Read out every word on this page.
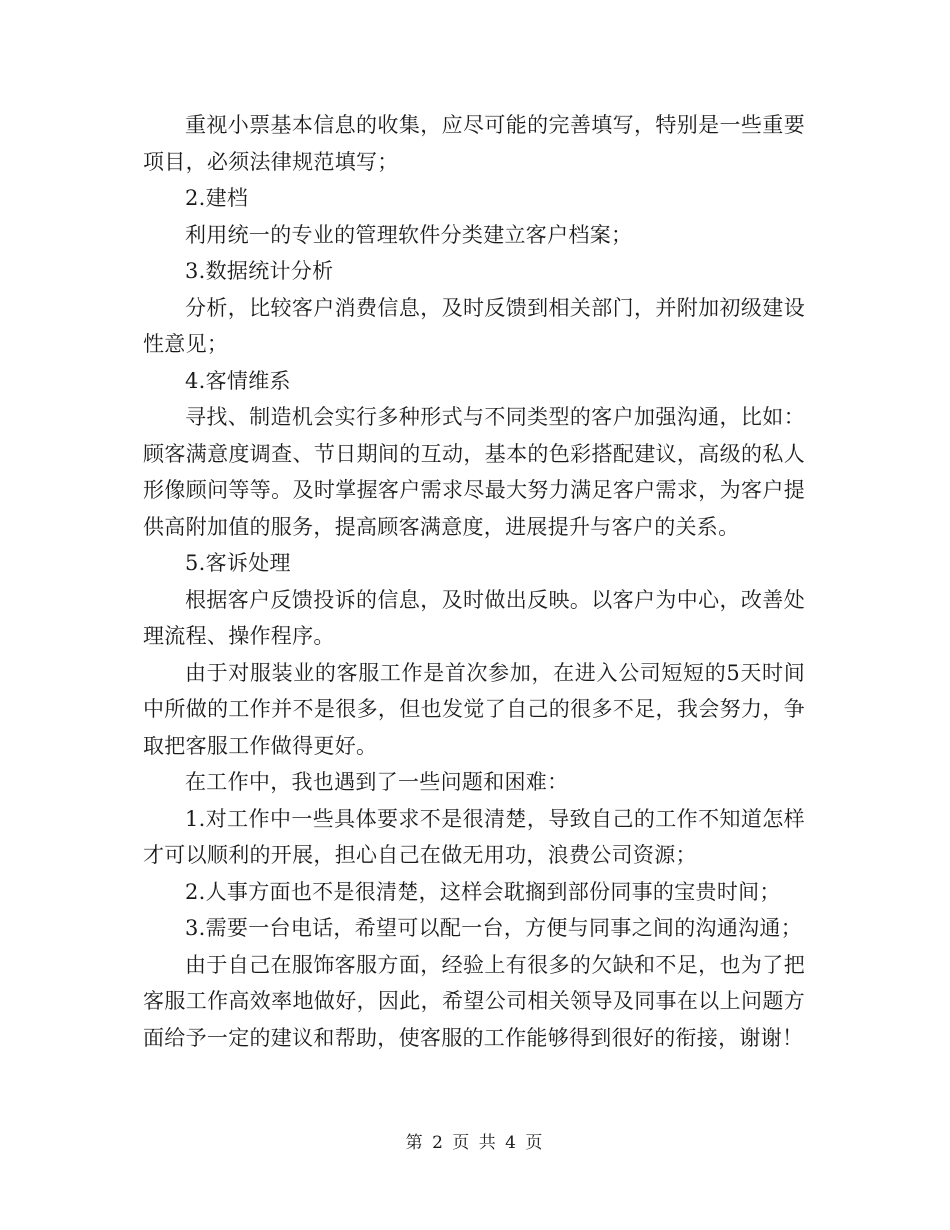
重视小票基本信息的收集，应尽可能的完善填写，特别是一些重要项目，必须法律规范填写；

2.建档

利用统一的专业的管理软件分类建立客户档案；

3.数据统计分析

分析，比较客户消费信息，及时反馈到相关部门，并附加初级建设性意见；

4.客情维系

寻找、制造机会实行多种形式与不同类型的客户加强沟通，比如：顾客满意度调查、节日期间的互动，基本的色彩搭配建议，高级的私人形像顾问等等。及时掌握客户需求尽最大努力满足客户需求，为客户提供高附加值的服务，提高顾客满意度，进展提升与客户的关系。

5.客诉处理

根据客户反馈投诉的信息，及时做出反映。以客户为中心，改善处理流程、操作程序。

由于对服装业的客服工作是首次参加，在进入公司短短的5天时间中所做的工作并不是很多，但也发觉了自己的很多不足，我会努力，争取把客服工作做得更好。

在工作中，我也遇到了一些问题和困难：

1.对工作中一些具体要求不是很清楚，导致自己的工作不知道怎样才可以顺利的开展，担心自己在做无用功，浪费公司资源；

2.人事方面也不是很清楚，这样会耽搁到部份同事的宝贵时间；

3.需要一台电话，希望可以配一台，方便与同事之间的沟通沟通；

由于自己在服饰客服方面，经验上有很多的欠缺和不足，也为了把客服工作高效率地做好，因此，希望公司相关领导及同事在以上问题方面给予一定的建议和帮助，使客服的工作能够得到很好的衔接，谢谢！

第 2 页 共 4 页
